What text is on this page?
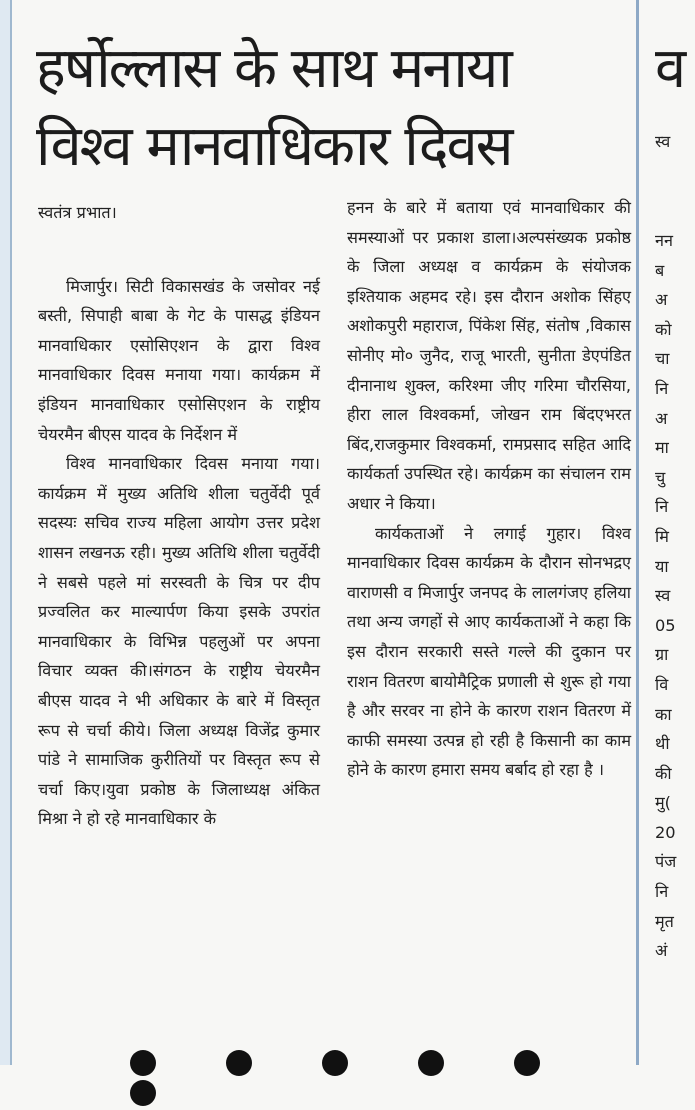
हर्षोल्लास के साथ मनाया
विश्व मानवाधिकार दिवस

स्वतंत्र प्रभात।

मिजार्पुर। सिटी विकासखंड के जसोवर नई बस्ती, सिपाही बाबा के गेट के पासद्ध इंडियन मानवाधिकार एसोसिएशन के द्वारा विश्व मानवाधिकार दिवस मनाया गया। कार्यक्रम में इंडियन मानवाधिकार एसोसिएशन के राष्ट्रीय चेयरमैन बीएस यादव के निर्देशन में

विश्व मानवाधिकार दिवस मनाया गया।कार्यक्रम में मुख्य अतिथि शीला चतुर्वेदी पूर्व सदस्यः सचिव राज्य महिला आयोग उत्तर प्रदेश शासन लखनऊ रही। मुख्य अतिथि शीला चतुर्वेदी ने सबसे पहले मां सरस्वती के चित्र पर दीप प्रज्वलित कर माल्यार्पण किया इसके उपरांत मानवाधिकार के विभिन्न पहलुओं पर अपना विचार व्यक्त की।संगठन के राष्ट्रीय चेयरमैन बीएस यादव ने भी अधिकार के बारे में विस्तृत रूप से चर्चा कीये। जिला अध्यक्ष विजेंद्र कुमार पांडे ने सामाजिक कुरीतियों पर विस्तृत रूप से चर्चा किए।युवा प्रकोष्ठ के जिलाध्यक्ष अंकित मिश्रा ने हो रहे मानवाधिकार के

हनन के बारे में बताया एवं मानवाधिकार की समस्याओं पर प्रकाश डाला।अल्पसंख्यक प्रकोष्ठ के जिला अध्यक्ष व कार्यक्रम के संयोजक इश्तियाक अहमद रहे। इस दौरान अशोक सिंहए अशोकपुरी महाराज, पिंकेश सिंह, संतोष ,विकास सोनीए मो० जुनैद, राजू भारती, सुनीता डेएपंडित दीनानाथ शुक्ल, करिश्मा जीए गरिमा चौरसिया, हीरा लाल विश्वकर्मा, जोखन राम बिंदएभरत बिंद,राजकुमार विश्वकर्मा, रामप्रसाद सहित आदि कार्यकर्ता उपस्थित रहे। कार्यक्रम का संचालन राम अधार ने किया।

कार्यकताओं ने लगाई गुहार। विश्व मानवाधिकार दिवस कार्यक्रम के दौरान सोनभद्रए वाराणसी व मिजार्पुर जनपद के लालगंजए हलिया तथा अन्य जगहों से आए कार्यकताओं ने कहा कि इस दौरान सरकारी सस्ते गल्ले की दुकान पर राशन वितरण बायोमैट्रिक प्रणाली से शुरू हो गया है और सरवर ना होने के कारण राशन वितरण में काफी समस्या उत्पन्न हो रही है किसानी का काम होने के कारण हमारा समय बर्बाद हो रहा है ।

व
स्व
नन
ब
अ
को
चा
नि
अ
मा
चु
नि
मि
या
स्व
05
ग्रा
वि
का
थी
की
मु(
20
पंज
नि
मृत
अं
